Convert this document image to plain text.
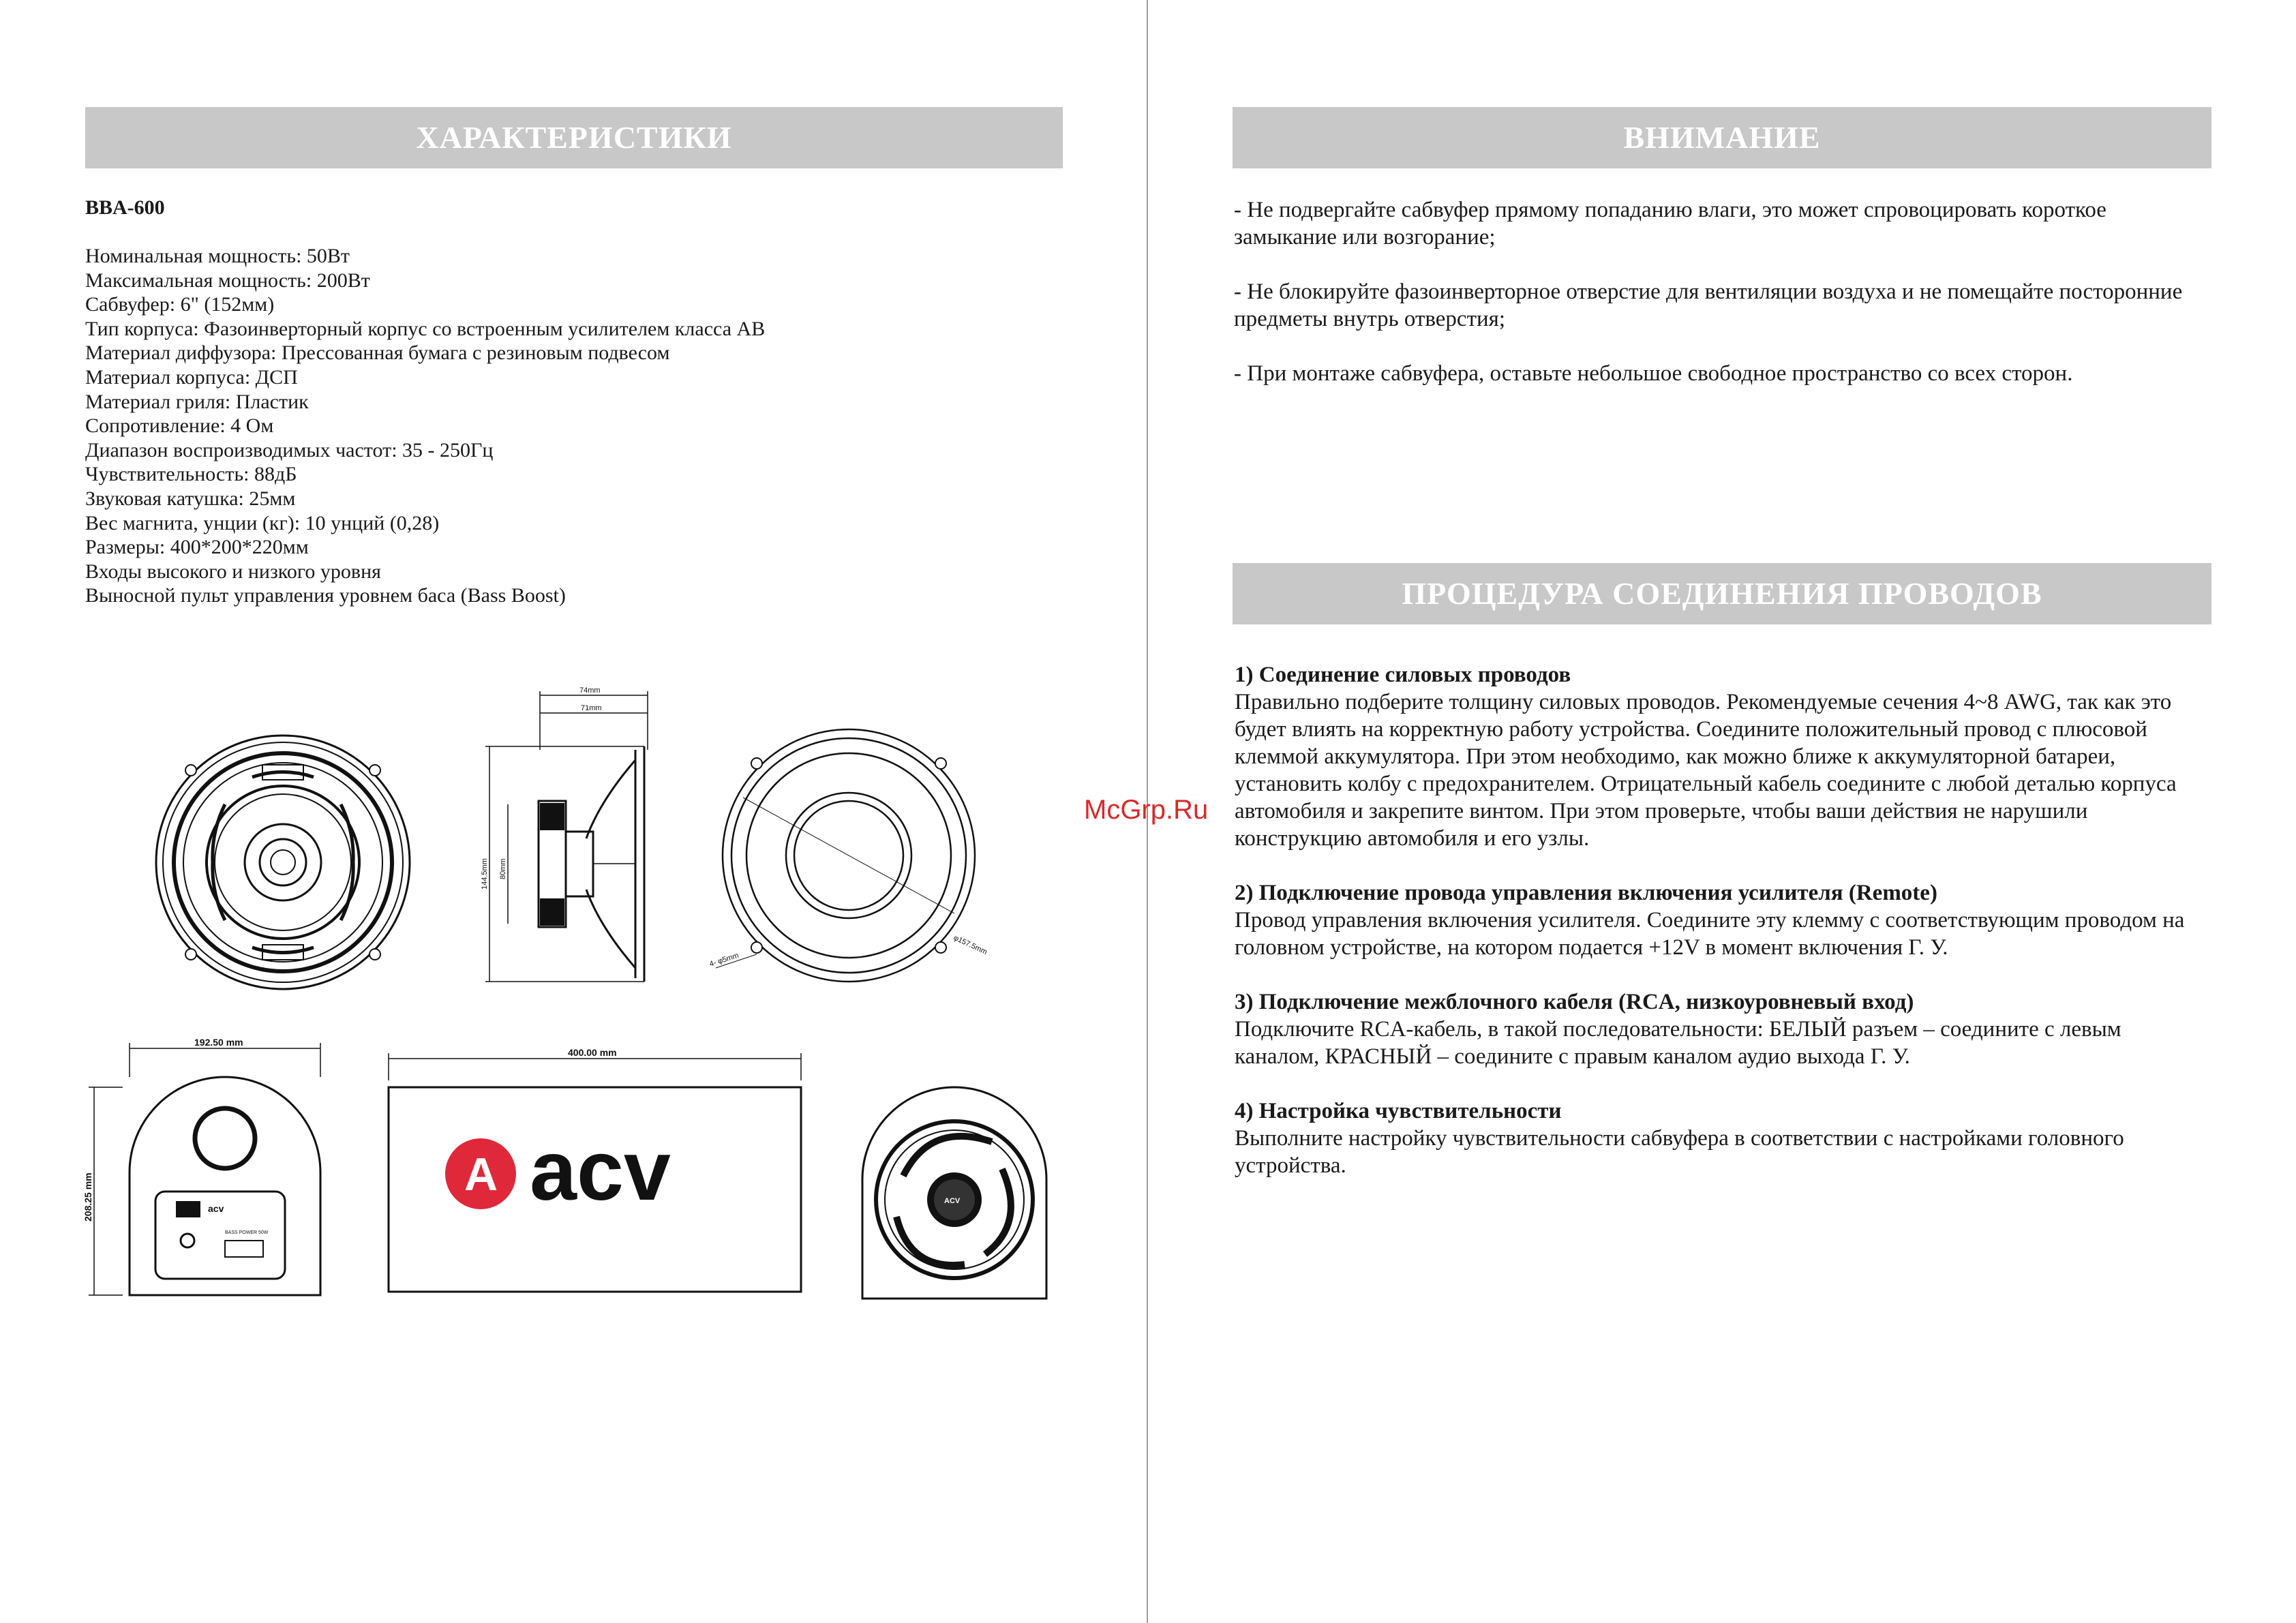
ХАРАКТЕРИСТИКИ
BBA-600
Номинальная мощность: 50Вт
Максимальная мощность: 200Вт
Сабвуфер: 6" (152мм)
Тип корпуса: Фазоинверторный корпус со встроенным усилителем класса AB
Материал диффузора: Прессованная бумага с резиновым подвесом
Материал корпуса: ДСП
Материал гриля: Пластик
Сопротивление: 4 Ом
Диапазон воспроизводимых частот: 35 - 250Гц
Чувствительность: 88дБ
Звуковая катушка: 25мм
Вес магнита, унции (кг): 10 унций (0,28)
Размеры: 400*200*220мм
Входы высокого и низкого уровня
Выносной пульт управления уровнем баса (Bass Boost)
74mm
71mm
144.5mm 80mm
4- φ5mm
φ157.5mm
acv
BASS POWER 50W
192.50 mm
208.25 mm
400.00 mm
A acv	ACV
McGrp.Ru
ВНИМАНИЕ
- Не подвергайте сабвуфер прямому попаданию влаги, это может спровоцировать короткое замыкание или возгорание;
- Не блокируйте фазоинверторное отверстие для вентиляции воздуха и не помещайте посторонние предметы внутрь отверстия;
- При монтаже сабвуфера, оставьте небольшое свободное пространство со всех сторон.
ПРОЦЕДУРА СОЕДИНЕНИЯ ПРОВОДОВ
1) Соединение силовых проводов
Правильно подберите толщину силовых проводов. Рекомендуемые сечения 4~8 AWG, так как это будет влиять на корректную работу устройства. Соедините положительный провод с плюсовой клеммой аккумулятора. При этом необходимо, как можно ближе к аккумуляторной батареи, установить колбу с предохранителем. Отрицательный кабель соедините с любой деталью корпуса автомобиля и закрепите винтом. При этом проверьте, чтобы ваши действия не нарушили конструкцию автомобиля и его узлы.
2) Подключение провода управления включения усилителя (Remote)
Провод управления включения усилителя. Соедините эту клемму с соответствующим проводом на головном устройстве, на котором подается +12V в момент включения Г. У.
3) Подключение межблочного кабеля (RCA, низкоуровневый вход)
Подключите RCA-кабель, в такой последовательности: БЕЛЫЙ разъем – соедините с левым каналом, КРАСНЫЙ – соедините с правым каналом аудио выхода Г. У.
4) Настройка чувствительности
Выполните настройку чувствительности сабвуфера в соответствии с настройками головного устройства.
